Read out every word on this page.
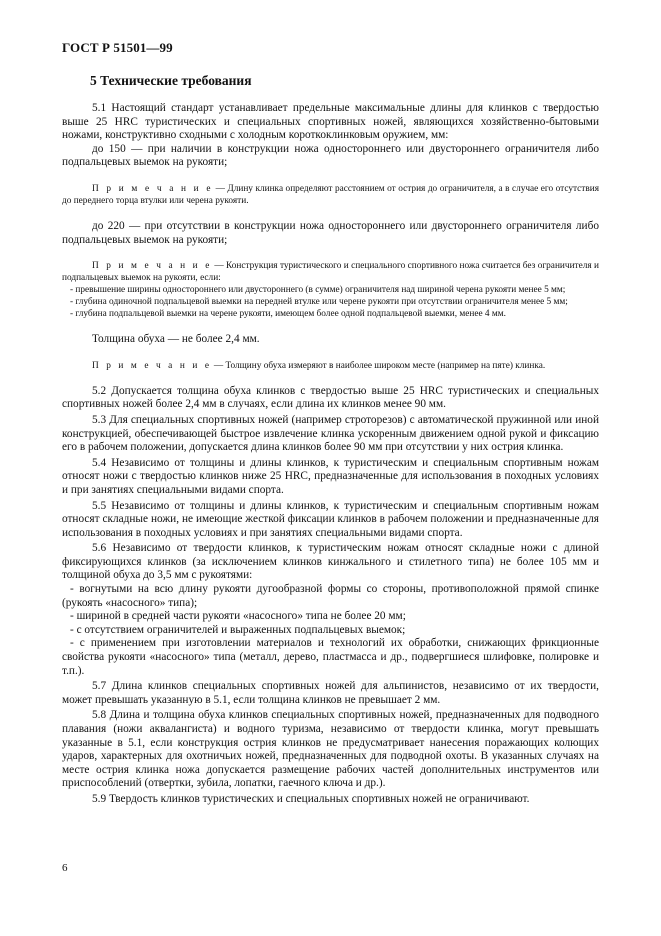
ГОСТ Р 51501—99
5 Технические требования

5.1 Настоящий стандарт устанавливает предельные максимальные длины для клинков с твердостью выше 25 HRC туристических и специальных спортивных ножей, являющихся хозяйственно-бытовыми ножами, конструктивно сходными с холодным короткоклинковым оружием, мм:

до 150 — при наличии в конструкции ножа одностороннего или двустороннего ограничителя либо подпальцевых выемок на рукояти;

П р и м е ч а н и е — Длину клинка определяют расстоянием от острия до ограничителя, а в случае его отсутствия до переднего торца втулки или черена рукояти.

до 220 — при отсутствии в конструкции ножа одностороннего или двустороннего ограничителя либо подпальцевых выемок на рукояти;

П р и м е ч а н и е — Конструкция туристического и специального спортивного ножа считается без ограничителя и подпальцевых выемок на рукояти, если:

- превышение ширины одностороннего или двустороннего (в сумме) ограничителя над шириной черена рукояти менее 5 мм;

- глубина одиночной подпальцевой выемки на передней втулке или черене рукояти при отсутствии ограничителя менее 5 мм;

- глубина подпальцевой выемки на черене рукояти, имеющем более одной подпальцевой выемки, менее 4 мм.

Толщина обуха — не более 2,4 мм.

П р и м е ч а н и е — Толщину обуха измеряют в наиболее широком месте (например на пяте) клинка.

5.2 Допускается толщина обуха клинков с твердостью выше 25 HRC туристических и специальных спортивных ножей более 2,4 мм в случаях, если длина их клинков менее 90 мм.

5.3 Для специальных спортивных ножей (например строторезов) с автоматической пружинной или иной конструкцией, обеспечивающей быстрое извлечение клинка ускоренным движением одной рукой и фиксацию его в рабочем положении, допускается длина клинков более 90 мм при отсутствии у них острия клинка.

5.4 Независимо от толщины и длины клинков, к туристическим и специальным спортивным ножам относят ножи с твердостью клинков ниже 25 HRC, предназначенные для использования в походных условиях и при занятиях специальными видами спорта.

5.5 Независимо от толщины и длины клинков, к туристическим и специальным спортивным ножам относят складные ножи, не имеющие жесткой фиксации клинков в рабочем положении и предназначенные для использования в походных условиях и при занятиях специальными видами спорта.

5.6 Независимо от твердости клинков, к туристическим ножам относят складные ножи с длиной фиксирующихся клинков (за исключением клинков кинжального и стилетного типа) не более 105 мм и толщиной обуха до 3,5 мм с рукоятями:

- вогнутыми на всю длину рукояти дугообразной формы со стороны, противоположной прямой спинке (рукоять «насосного» типа);

- шириной в средней части рукояти «насосного» типа не более 20 мм;

- с отсутствием ограничителей и выраженных подпальцевых выемок;

- с применением при изготовлении материалов и технологий их обработки, снижающих фрикционные свойства рукояти «насосного» типа (металл, дерево, пластмасса и др., подвергшиеся шлифовке, полировке и т.п.).

5.7 Длина клинков специальных спортивных ножей для альпинистов, независимо от их твердости, может превышать указанную в 5.1, если толщина клинков не превышает 2 мм.

5.8 Длина и толщина обуха клинков специальных спортивных ножей, предназначенных для подводного плавания (ножи аквалангиста) и водного туризма, независимо от твердости клинка, могут превышать указанные в 5.1, если конструкция острия клинков не предусматривает нанесения поражающих колющих ударов, характерных для охотничьих ножей, предназначенных для подводной охоты. В указанных случаях на месте острия клинка ножа допускается размещение рабочих частей дополнительных инструментов или приспособлений (отвертки, зубила, лопатки, гаечного ключа и др.).

5.9 Твердость клинков туристических и специальных спортивных ножей не ограничивают.

6
